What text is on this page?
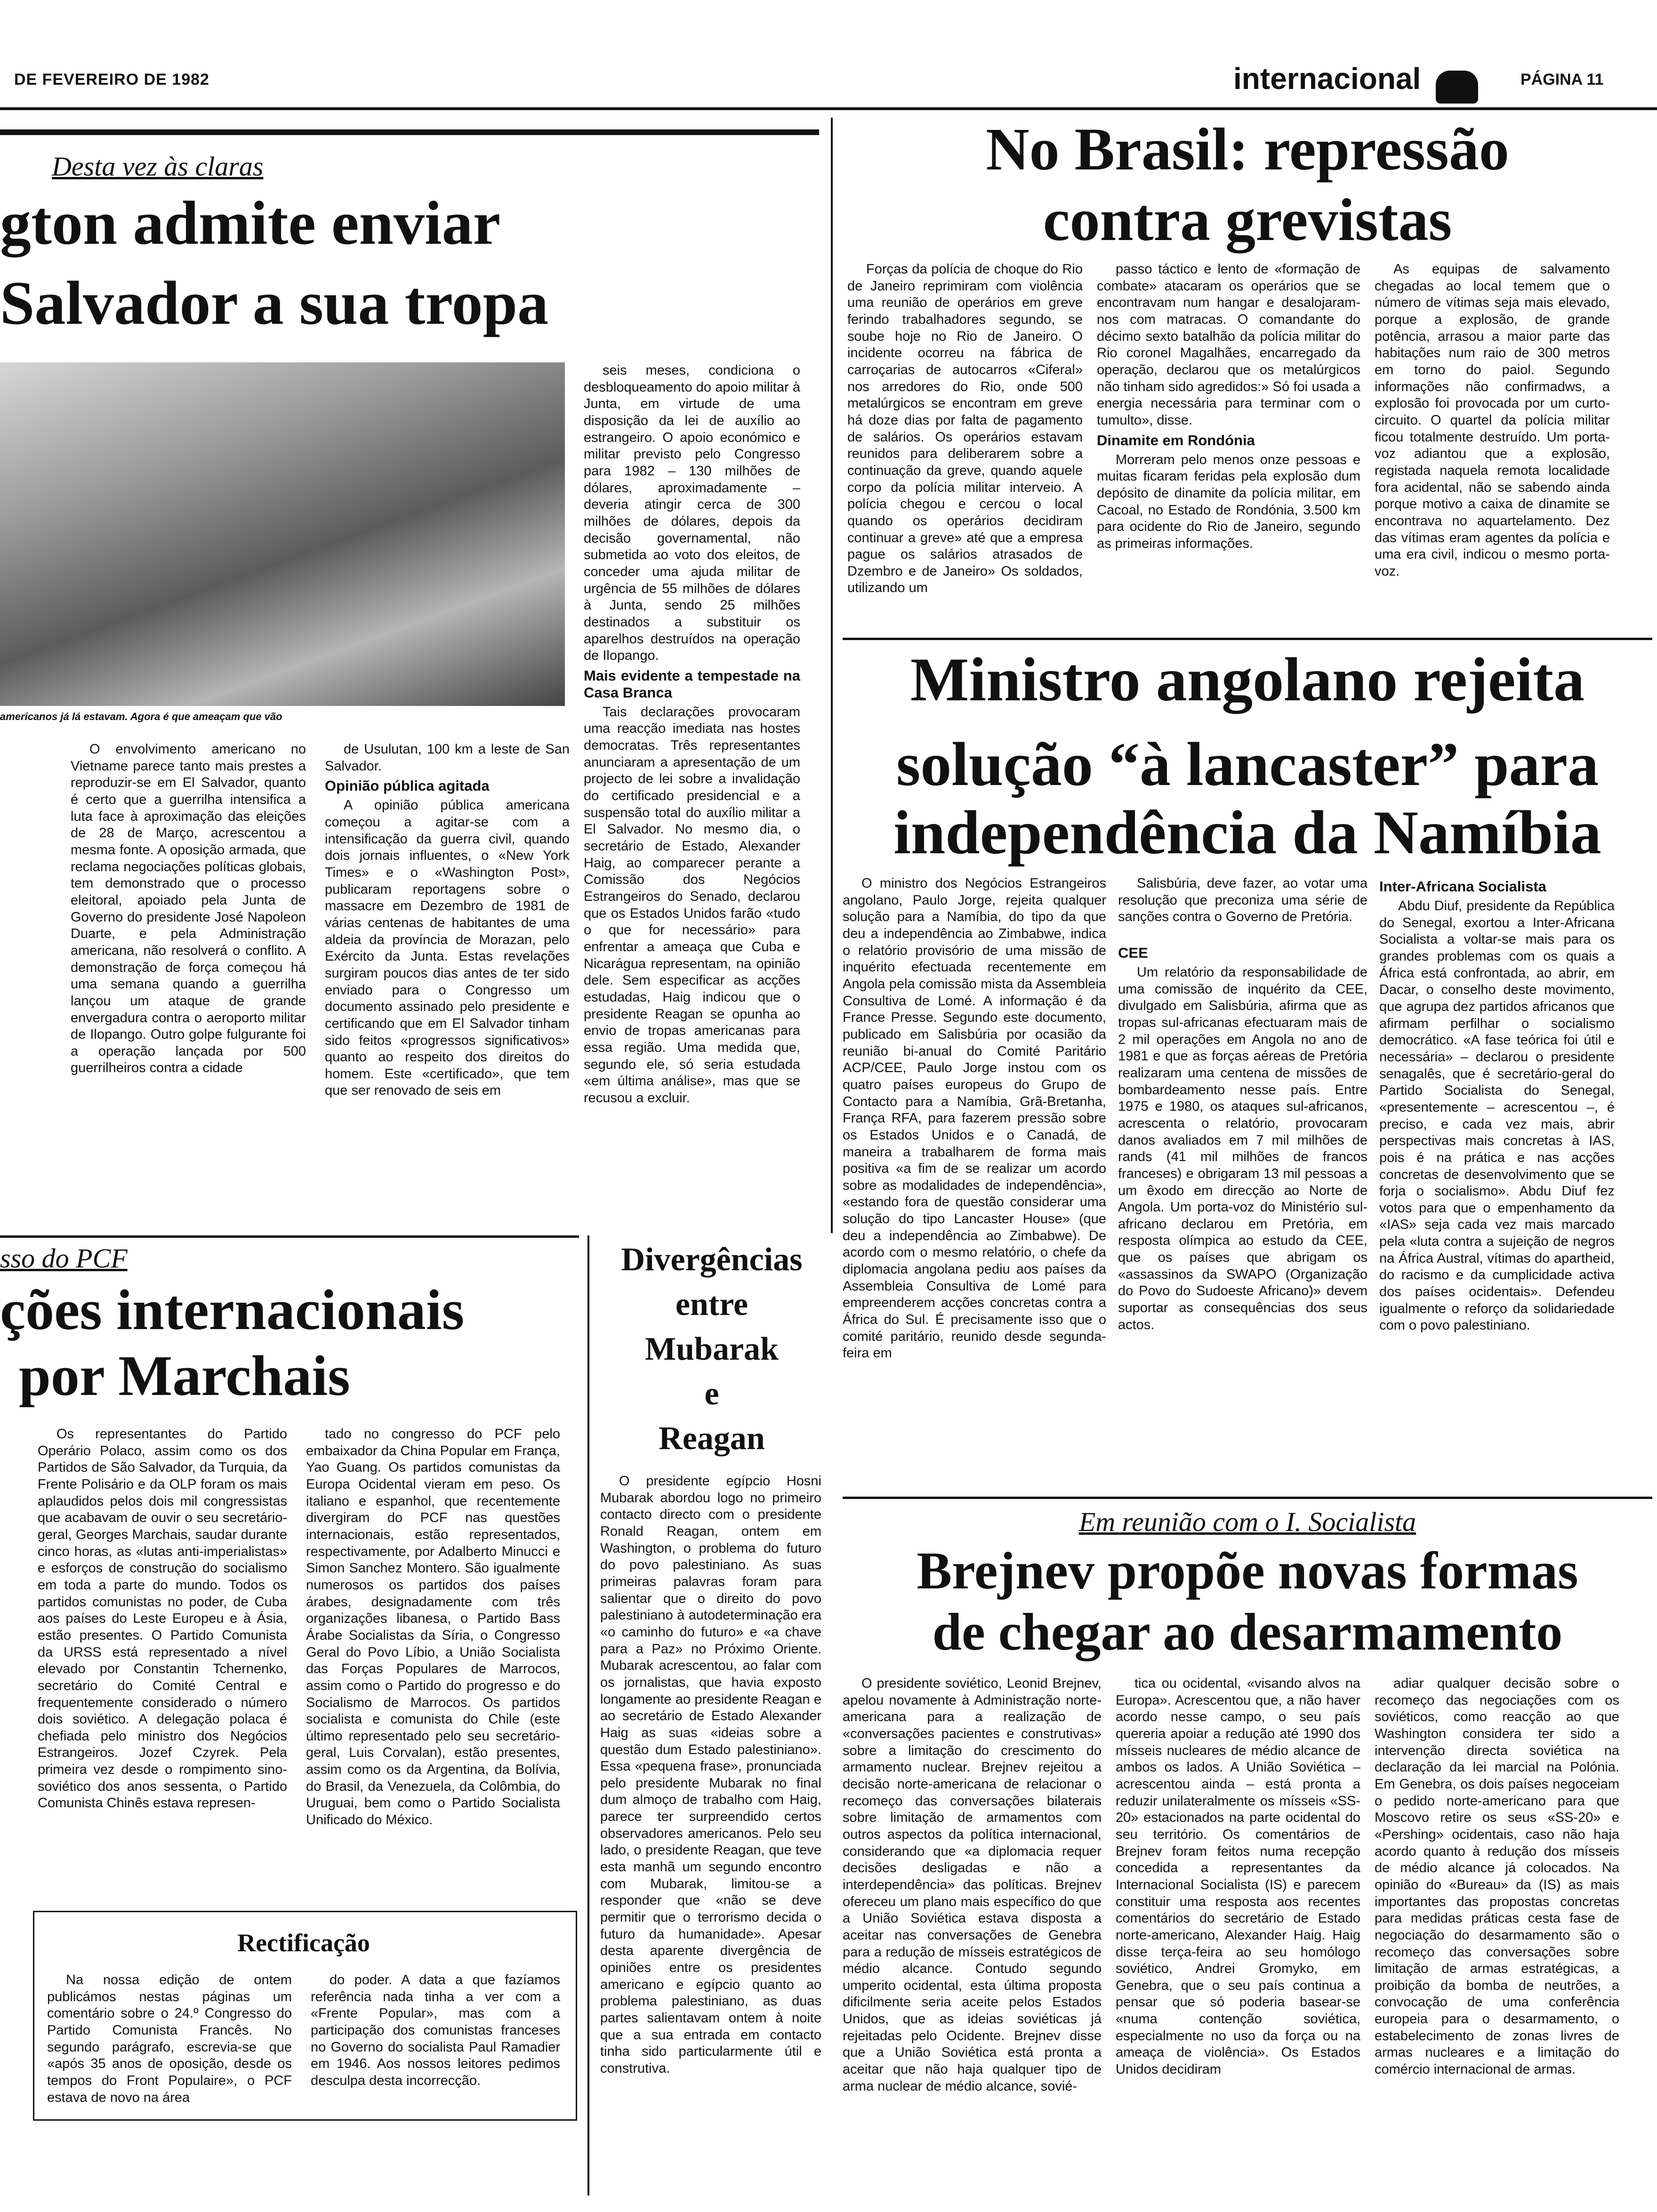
DE FEVEREIRO DE 1982	internacional	PÁGINA 11
Desta vez às claras
gton admite enviar
Salvador a sua tropa
americanos já lá estavam. Agora é que ameaçam que vão

O envolvimento americano no Vietname parece tanto mais prestes a reproduzir-se em El Salvador, quanto é certo que a guerrilha intensifica a luta face à aproximação das eleições de 28 de Março, acrescentou a mesma fonte. A oposição armada, que reclama negociações políticas globais, tem demonstrado que o processo eleitoral, apoiado pela Junta de Governo do presidente José Napoleon Duarte, e pela Administração americana, não resolverá o conflito. A demonstração de força começou há uma semana quando a guerrilha lançou um ataque de grande envergadura contra o aeroporto militar de Ilopango. Outro golpe fulgurante foi a operação lançada por 500 guerrilheiros contra a cidade

de Usulutan, 100 km a leste de San Salvador.

Opinião pública agitada

A opinião pública americana começou a agitar-se com a intensificação da guerra civil, quando dois jornais influentes, o «New York Times» e o «Washington Post», publicaram reportagens sobre o massacre em Dezembro de 1981 de várias centenas de habitantes de uma aldeia da província de Morazan, pelo Exército da Junta. Estas revelações surgiram poucos dias antes de ter sido enviado para o Congresso um documento assinado pelo presidente e certificando que em El Salvador tinham sido feitos «progressos significativos» quanto ao respeito dos direitos do homem. Este «certificado», que tem que ser renovado de seis em

seis meses, condiciona o desbloqueamento do apoio militar à Junta, em virtude de uma disposição da lei de auxílio ao estrangeiro. O apoio económico e militar previsto pelo Congresso para 1982 – 130 milhões de dólares, aproximadamente – deveria atingir cerca de 300 milhões de dólares, depois da decisão governamental, não submetida ao voto dos eleitos, de conceder uma ajuda militar de urgência de 55 milhões de dólares à Junta, sendo 25 milhões destinados a substituir os aparelhos destruídos na operação de Ilopango.

Mais evidente a tempestade na Casa Branca

Tais declarações provocaram uma reacção imediata nas hostes democratas. Três representantes anunciaram a apresentação de um projecto de lei sobre a invalidação do certificado presidencial e a suspensão total do auxílio militar a El Salvador. No mesmo dia, o secretário de Estado, Alexander Haig, ao comparecer perante a Comissão dos Negócios Estrangeiros do Senado, declarou que os Estados Unidos farão «tudo o que for necessário» para enfrentar a ameaça que Cuba e Nicarágua representam, na opinião dele. Sem especificar as acções estudadas, Haig indicou que o presidente Reagan se opunha ao envio de tropas americanas para essa região. Uma medida que, segundo ele, só seria estudada «em última análise», mas que se recusou a excluir.

No Brasil: repressão
contra grevistas

Forças da polícia de choque do Rio de Janeiro reprimiram com violência uma reunião de operários em greve ferindo trabalhadores segundo, se soube hoje no Rio de Janeiro. O incidente ocorreu na fábrica de carroçarias de autocarros «Ciferal» nos arredores do Rio, onde 500 metalúrgicos se encontram em greve há doze dias por falta de pagamento de salários. Os operários estavam reunidos para deliberarem sobre a continuação da greve, quando aquele corpo da polícia militar interveio. A polícia chegou e cercou o local quando os operários decidiram continuar a greve» até que a empresa pague os salários atrasados de Dzembro e de Janeiro» Os soldados, utilizando um

passo táctico e lento de «formação de combate» atacaram os operários que se encontravam num hangar e desalojaram-nos com matracas. O comandante do décimo sexto batalhão da polícia militar do Rio coronel Magalhães, encarregado da operação, declarou que os metalúrgicos não tinham sido agredidos:» Só foi usada a energia necessária para terminar com o tumulto», disse.

Dinamite em Rondónia

Morreram pelo menos onze pessoas e muitas ficaram feridas pela explosão dum depósito de dinamite da polícia militar, em Cacoal, no Estado de Rondónia, 3.500 km para ocidente do Rio de Janeiro, segundo as primeiras informações.

As equipas de salvamento chegadas ao local temem que o número de vítimas seja mais elevado, porque a explosão, de grande potência, arrasou a maior parte das habitações num raio de 300 metros em torno do paiol. Segundo informações não confirmadws, a explosão foi provocada por um curto-circuito. O quartel da polícia militar ficou totalmente destruído. Um porta-voz adiantou que a explosão, registada naquela remota localidade fora acidental, não se sabendo ainda porque motivo a caixa de dinamite se encontrava no aquartelamento. Dez das vítimas eram agentes da polícia e uma era civil, indicou o mesmo porta-voz.

Ministro angolano rejeita
solução “à lancaster” para
independência da Namíbia

O ministro dos Negócios Estrangeiros angolano, Paulo Jorge, rejeita qualquer solução para a Namíbia, do tipo da que deu a independência ao Zimbabwe, indica o relatório provisório de uma missão de inquérito efectuada recentemente em Angola pela comissão mista da Assembleia Consultiva de Lomé. A informação é da France Presse. Segundo este documento, publicado em Salisbúria por ocasião da reunião bi-anual do Comité Paritário ACP/CEE, Paulo Jorge instou com os quatro países europeus do Grupo de Contacto para a Namíbia, Grã-Bretanha, França RFA, para fazerem pressão sobre os Estados Unidos e o Canadá, de maneira a trabalharem de forma mais positiva «a fim de se realizar um acordo sobre as modalidades de independência», «estando fora de questão considerar uma solução do tipo Lancaster House» (que deu a independência ao Zimbabwe). De acordo com o mesmo relatório, o chefe da diplomacia angolana pediu aos países da Assembleia Consultiva de Lomé para empreenderem acções concretas contra a África do Sul. É precisamente isso que o comité paritário, reunido desde segunda-feira em

Salisbúria, deve fazer, ao votar uma resolução que preconiza uma série de sanções contra o Governo de Pretória.

CEE

Um relatório da responsabilidade de uma comissão de inquérito da CEE, divulgado em Salisbúria, afirma que as tropas sul-africanas efectuaram mais de 2 mil operações em Angola no ano de 1981 e que as forças aéreas de Pretória realizaram uma centena de missões de bombardeamento nesse país. Entre 1975 e 1980, os ataques sul-africanos, acrescenta o relatório, provocaram danos avaliados em 7 mil milhões de rands (41 mil milhões de francos franceses) e obrigaram 13 mil pessoas a um êxodo em direcção ao Norte de Angola. Um porta-voz do Ministério sul-africano declarou em Pretória, em resposta olímpica ao estudo da CEE, que os países que abrigam os «assassinos da SWAPO (Organização do Povo do Sudoeste Africano)» devem suportar as consequências dos seus actos.

Inter-Africana Socialista

Abdu Diuf, presidente da República do Senegal, exortou a Inter-Africana Socialista a voltar-se mais para os grandes problemas com os quais a África está confrontada, ao abrir, em Dacar, o conselho deste movimento, que agrupa dez partidos africanos que afirmam perfilhar o socialismo democrático. «A fase teórica foi útil e necessária» – declarou o presidente senagalês, que é secretário-geral do Partido Socialista do Senegal, «presentemente – acrescentou –, é preciso, e cada vez mais, abrir perspectivas mais concretas à IAS, pois é na prática e nas acções concretas de desenvolvimento que se forja o socialismo». Abdu Diuf fez votos para que o empenhamento da «IAS» seja cada vez mais marcado pela «luta contra a sujeição de negros na África Austral, vítimas do apartheid, do racismo e da cumplicidade activa dos países ocidentais». Defendeu igualmente o reforço da solidariedade com o povo palestiniano.

sso do PCF
ções internacionais
por Marchais

Os representantes do Partido Operário Polaco, assim como os dos Partidos de São Salvador, da Turquia, da Frente Polisário e da OLP foram os mais aplaudidos pelos dois mil congressistas que acabavam de ouvir o seu secretário-geral, Georges Marchais, saudar durante cinco horas, as «lutas anti-imperialistas» e esforços de construção do socialismo em toda a parte do mundo. Todos os partidos comunistas no poder, de Cuba aos países do Leste Europeu e à Ásia, estão presentes. O Partido Comunista da URSS está representado a nível elevado por Constantin Tchernenko, secretário do Comité Central e frequentemente considerado o número dois soviético. A delegação polaca é chefiada pelo ministro dos Negócios Estrangeiros. Jozef Czyrek. Pela primeira vez desde o rompimento sino-soviético dos anos sessenta, o Partido Comunista Chinês estava represen-

tado no congresso do PCF pelo embaixador da China Popular em França, Yao Guang. Os partidos comunistas da Europa Ocidental vieram em peso. Os italiano e espanhol, que recentemente divergiram do PCF nas questões internacionais, estão representados, respectivamente, por Adalberto Minucci e Simon Sanchez Montero. São igualmente numerosos os partidos dos países árabes, designadamente com três organizações libanesa, o Partido Bass Árabe Socialistas da Síria, o Congresso Geral do Povo Líbio, a União Socialista das Forças Populares de Marrocos, assim como o Partido do progresso e do Socialismo de Marrocos. Os partidos socialista e comunista do Chile (este último representado pelo seu secretário-geral, Luis Corvalan), estão presentes, assim como os da Argentina, da Bolívia, do Brasil, da Venezuela, da Colômbia, do Uruguai, bem como o Partido Socialista Unificado do México.

Rectificação

Na nossa edição de ontem publicámos nestas páginas um comentário sobre o 24.º Congresso do Partido Comunista Francês. No segundo parágrafo, escrevia-se que «após 35 anos de oposição, desde os tempos do Front Populaire», o PCF estava de novo na área

do poder. A data a que fazíamos referência nada tinha a ver com a «Frente Popular», mas com a participação dos comunistas franceses no Governo do socialista Paul Ramadier em 1946. Aos nossos leitores pedimos desculpa desta incorrecção.

Divergências
entre
Mubarak
e
Reagan

O presidente egípcio Hosni Mubarak abordou logo no primeiro contacto directo com o presidente Ronald Reagan, ontem em Washington, o problema do futuro do povo palestiniano. As suas primeiras palavras foram para salientar que o direito do povo palestiniano à autodeterminação era «o caminho do futuro» e «a chave para a Paz» no Próximo Oriente. Mubarak acrescentou, ao falar com os jornalistas, que havia exposto longamente ao presidente Reagan e ao secretário de Estado Alexander Haig as suas «ideias sobre a questão dum Estado palestiniano». Essa «pequena frase», pronunciada pelo presidente Mubarak no final dum almoço de trabalho com Haig, parece ter surpreendido certos observadores americanos. Pelo seu lado, o presidente Reagan, que teve esta manhã um segundo encontro com Mubarak, limitou-se a responder que «não se deve permitir que o terrorismo decida o futuro da humanidade». Apesar desta aparente divergência de opiniões entre os presidentes americano e egípcio quanto ao problema palestiniano, as duas partes salientavam ontem à noite que a sua entrada em contacto tinha sido particularmente útil e construtiva.

Em reunião com o I. Socialista
Brejnev propõe novas formas
de chegar ao desarmamento

O presidente soviético, Leonid Brejnev, apelou novamente à Administração norte-americana para a realização de «conversações pacientes e construtivas» sobre a limitação do crescimento do armamento nuclear. Brejnev rejeitou a decisão norte-americana de relacionar o recomeço das conversações bilaterais sobre limitação de armamentos com outros aspectos da política internacional, considerando que «a diplomacia requer decisões desligadas e não a interdependência» das políticas. Brejnev ofereceu um plano mais específico do que a União Soviética estava disposta a aceitar nas conversações de Genebra para a redução de mísseis estratégicos de médio alcance. Contudo segundo umperito ocidental, esta última proposta dificilmente seria aceite pelos Estados Unidos, que as ideias soviéticas já rejeitadas pelo Ocidente. Brejnev disse que a União Soviética está pronta a aceitar que não haja qualquer tipo de arma nuclear de médio alcance, sovié-

tica ou ocidental, «visando alvos na Europa». Acrescentou que, a não haver acordo nesse campo, o seu país quereria apoiar a redução até 1990 dos mísseis nucleares de médio alcance de ambos os lados. A União Soviética – acrescentou ainda – está pronta a reduzir unilateralmente os mísseis «SS-20» estacionados na parte ocidental do seu território. Os comentários de Brejnev foram feitos numa recepção concedida a representantes da Internacional Socialista (IS) e parecem constituir uma resposta aos recentes comentários do secretário de Estado norte-americano, Alexander Haig. Haig disse terça-feira ao seu homólogo soviético, Andrei Gromyko, em Genebra, que o seu país continua a pensar que só poderia basear-se «numa contenção soviética, especialmente no uso da força ou na ameaça de violência». Os Estados Unidos decidiram

adiar qualquer decisão sobre o recomeço das negociações com os soviéticos, como reacção ao que Washington considera ter sido a intervenção directa soviética na declaração da lei marcial na Polónia. Em Genebra, os dois países negoceiam o pedido norte-americano para que Moscovo retire os seus «SS-20» e «Pershing» ocidentais, caso não haja acordo quanto à redução dos mísseis de médio alcance já colocados. Na opinião do «Bureau» da (IS) as mais importantes das propostas concretas para medidas práticas cesta fase de negociação do desarmamento são o recomeço das conversações sobre limitação de armas estratégicas, a proibição da bomba de neutrões, a convocação de uma conferência europeia para o desarmamento, o estabelecimento de zonas livres de armas nucleares e a limitação do comércio internacional de armas.
